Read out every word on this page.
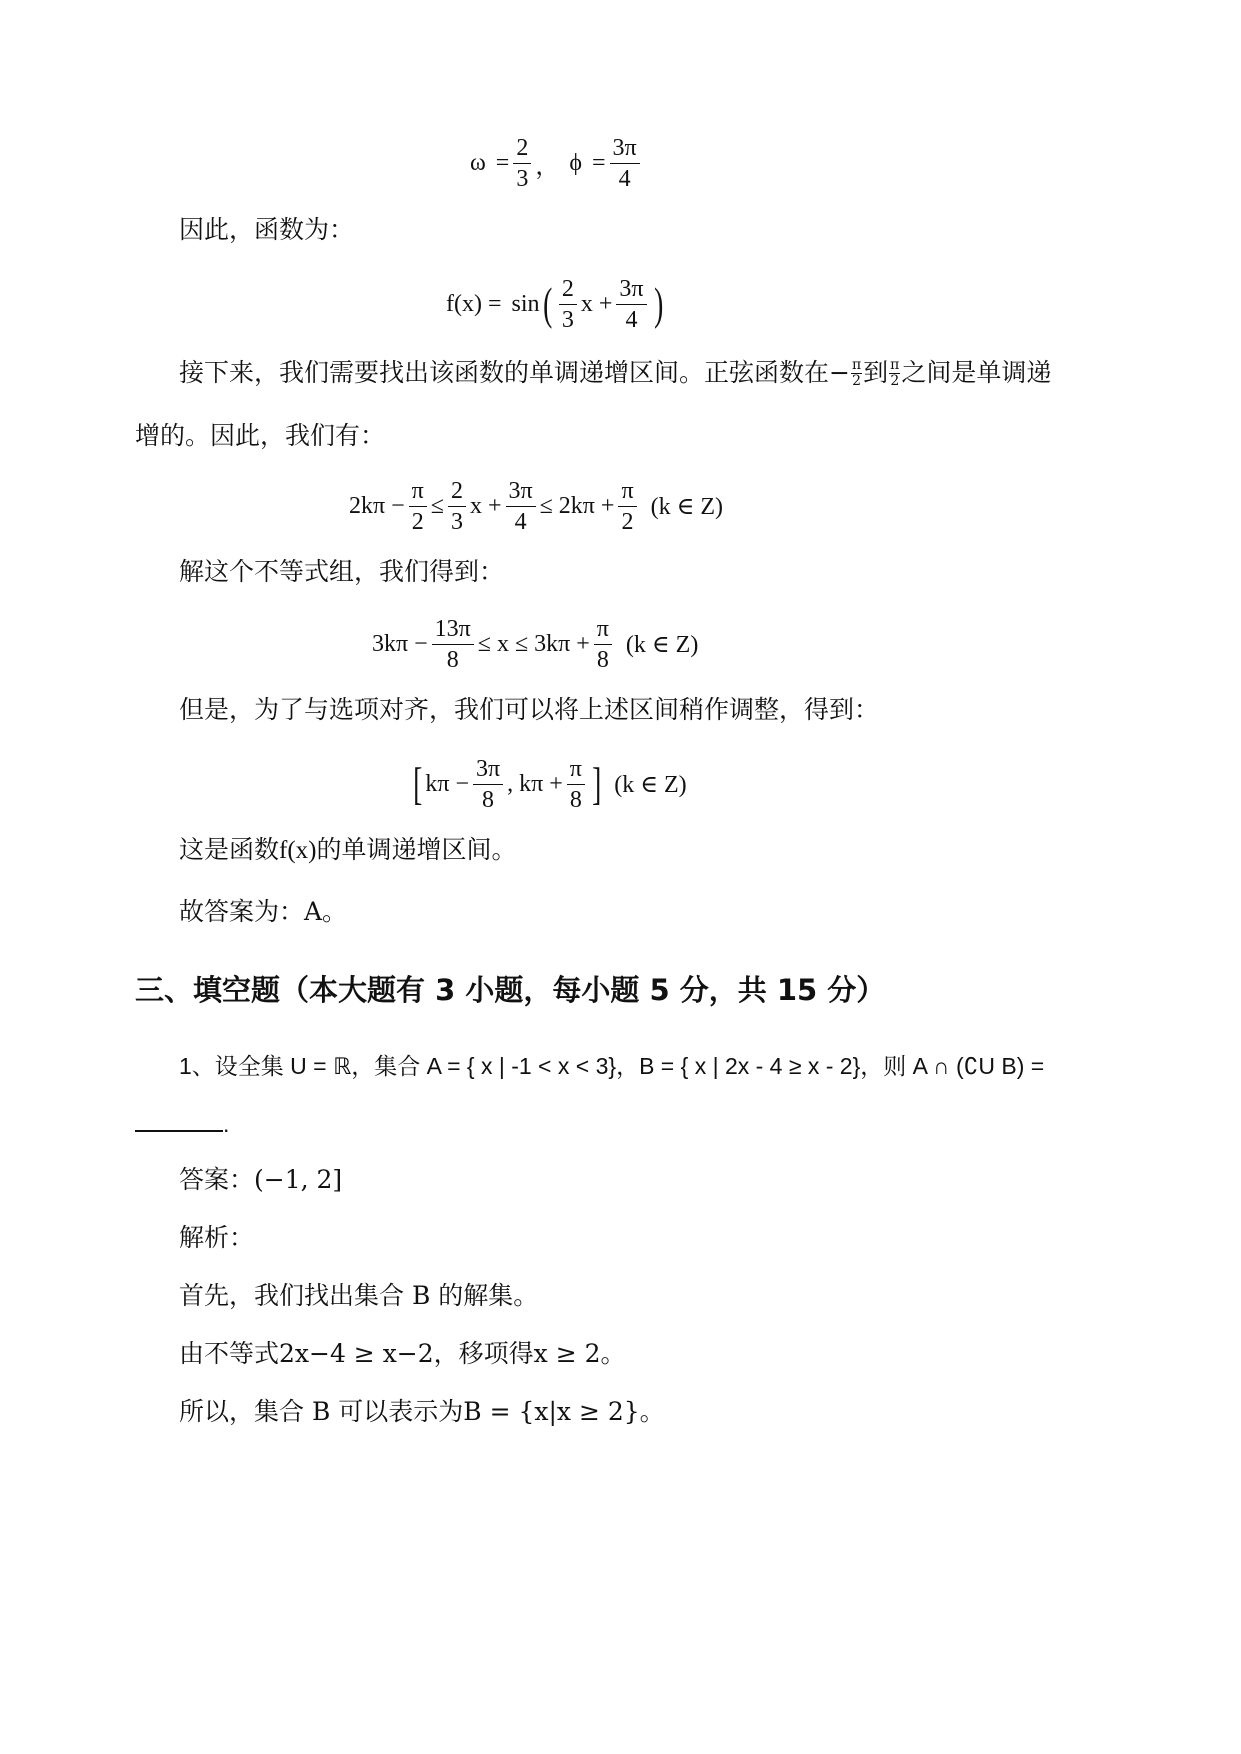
$\omega = \frac{2}{3}$ ， $\phi = \frac{3\pi}{4}$
因此，函数为：
f(x) = sin ( $\frac{2}{3}$ $x + \frac{3\pi}{4}$ )
接下来，我们需要找出该函数的单调递增区间。正弦函数在− $\frac{\pi}{2}$ 到 $\frac{\pi}{2}$ 之间是单调递
增的。因此，我们有：
$2k\pi - \frac{\pi}{2} \le \frac{2}{3}$ $x + \frac{3\pi}{4} \le 2k\pi + \frac{\pi}{2} (k$ ∈ Z)
解这个不等式组，我们得到：
$3k\pi - \frac{13\pi}{8} \le x \le 3k\pi + \frac{\pi}{8} (k$ ∈ Z)
但是，为了与选项对齐，我们可以将上述区间稍作调整，得到：
[ $k\pi - \frac{3\pi}{8}$ , $k\pi + \frac{\pi}{8}$ ] (k ∈ Z)
这是函数f(x)的单调递增区间。
故答案为：A。
三、填空题（本大题有 3 小题，每小题 5 分，共 15 分）
1、设全集 U = ℝ，集合 A = { x | -1 < x < 3}，B = { x | 2x - 4 ≥ x - 2}，则 A ∩ (∁U B) =
.
答案：(−1, 2]
解析：
首先，我们找出集合 B 的解集。
由不等式2x−4 ≥ x−2，移项得x ≥ 2。
所以，集合 B 可以表示为B = {x|x ≥ 2}。
